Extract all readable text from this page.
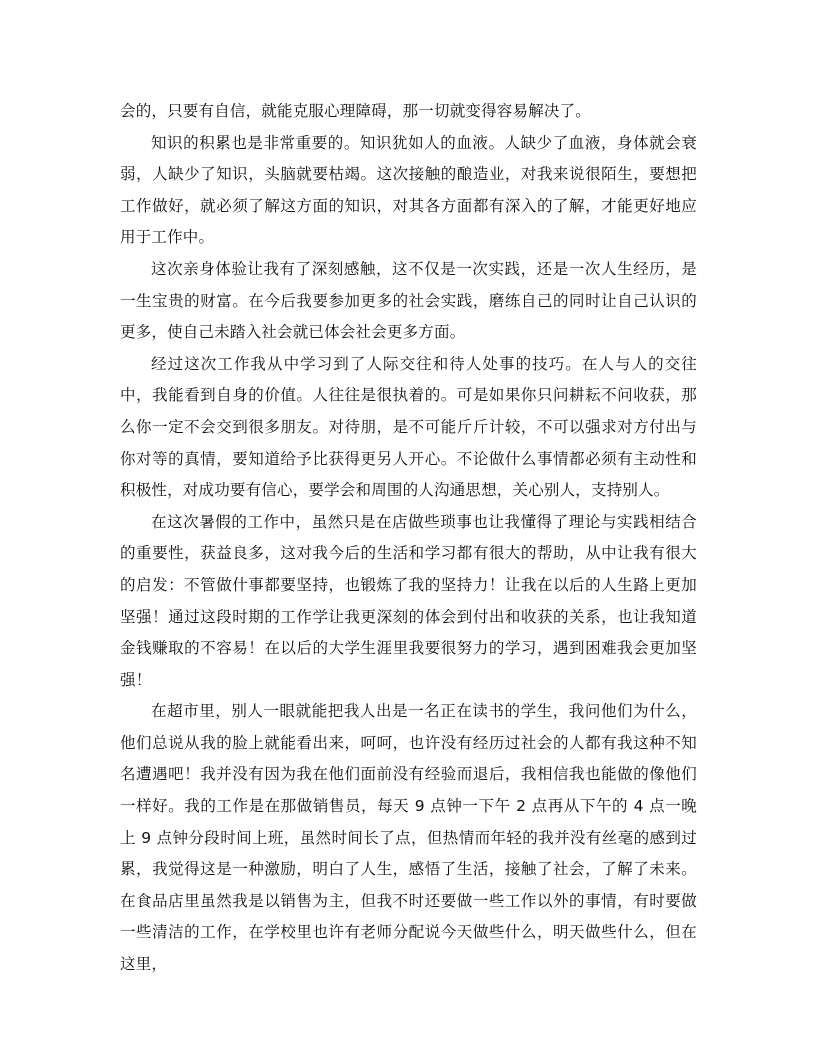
会的，只要有自信，就能克服心理障碍，那一切就变得容易解决了。

知识的积累也是非常重要的。知识犹如人的血液。人缺少了血液，身体就会衰弱，人缺少了知识，头脑就要枯竭。这次接触的酿造业，对我来说很陌生，要想把工作做好，就必须了解这方面的知识，对其各方面都有深入的了解，才能更好地应用于工作中。

这次亲身体验让我有了深刻感触，这不仅是一次实践，还是一次人生经历，是一生宝贵的财富。在今后我要参加更多的社会实践，磨练自己的同时让自己认识的更多，使自己未踏入社会就已体会社会更多方面。

经过这次工作我从中学习到了人际交往和待人处事的技巧。在人与人的交往中，我能看到自身的价值。人往往是很执着的。可是如果你只问耕耘不问收获，那么你一定不会交到很多朋友。对待朋，是不可能斤斤计较，不可以强求对方付出与你对等的真情，要知道给予比获得更另人开心。不论做什么事情都必须有主动性和积极性，对成功要有信心，要学会和周围的人沟通思想，关心别人，支持别人。

在这次暑假的工作中，虽然只是在店做些琐事也让我懂得了理论与实践相结合的重要性，获益良多，这对我今后的生活和学习都有很大的帮助，从中让我有很大的启发：不管做什事都要坚持，也锻炼了我的坚持力！让我在以后的人生路上更加坚强！通过这段时期的工作学让我更深刻的体会到付出和收获的关系，也让我知道金钱赚取的不容易！在以后的大学生涯里我要很努力的学习，遇到困难我会更加坚强！

在超市里，别人一眼就能把我人出是一名正在读书的学生，我问他们为什么，他们总说从我的脸上就能看出来，呵呵，也许没有经历过社会的人都有我这种不知名遭遇吧！我并没有因为我在他们面前没有经验而退后，我相信我也能做的像他们一样好。我的工作是在那做销售员，每天 9 点钟一下午 2 点再从下午的 4 点一晚上 9 点钟分段时间上班，虽然时间长了点，但热情而年轻的我并没有丝毫的感到过累，我觉得这是一种激励，明白了人生，感悟了生活，接触了社会，了解了未来。在食品店里虽然我是以销售为主，但我不时还要做一些工作以外的事情，有时要做一些清洁的工作，在学校里也许有老师分配说今天做些什么，明天做些什么，但在这里，
